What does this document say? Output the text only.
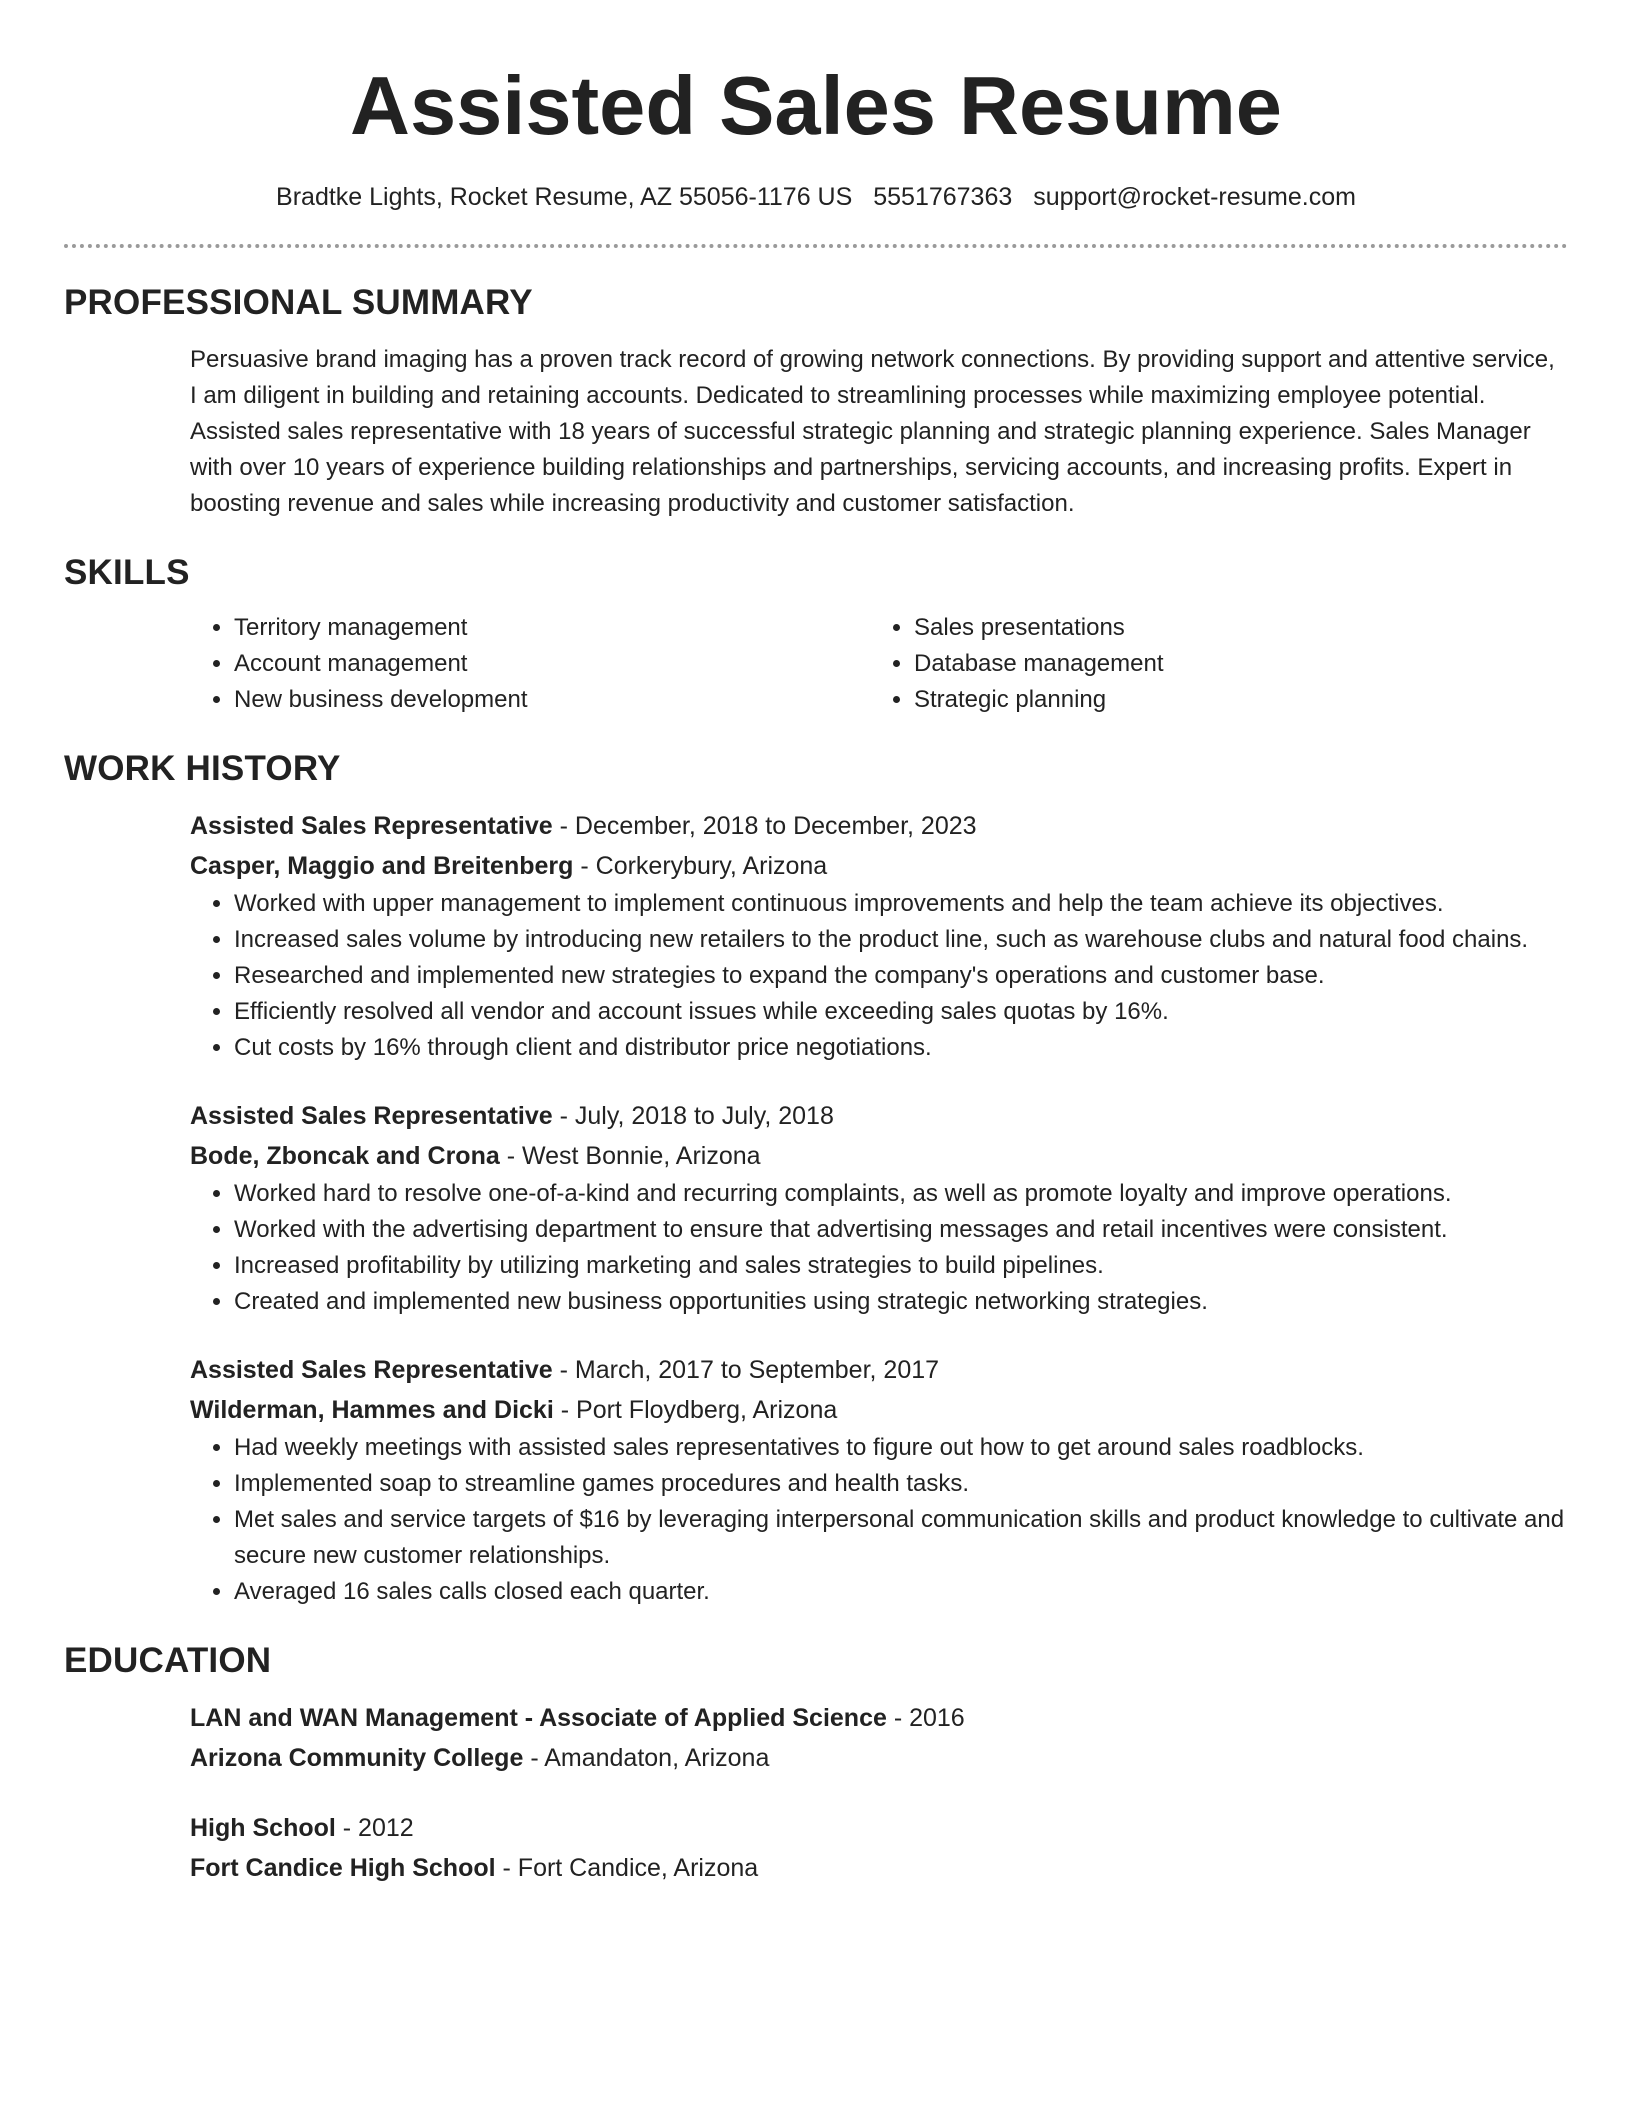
Assisted Sales Resume
Bradtke Lights, Rocket Resume, AZ 55056-1176 US 5551767363 support@rocket-resume.com
PROFESSIONAL SUMMARY

Persuasive brand imaging has a proven track record of growing network connections. By providing support and attentive service, I am diligent in building and retaining accounts. Dedicated to streamlining processes while maximizing employee potential. Assisted sales representative with 18 years of successful strategic planning and strategic planning experience. Sales Manager with over 10 years of experience building relationships and partnerships, servicing accounts, and increasing profits. Expert in boosting revenue and sales while increasing productivity and customer satisfaction.

SKILLS
• Territory management
• Account management
• New business development
• Sales presentations
• Database management
• Strategic planning
WORK HISTORY

Assisted Sales Representative - December, 2018 to December, 2023

Casper, Maggio and Breitenberg - Corkerybury, Arizona

• Worked with upper management to implement continuous improvements and help the team achieve its objectives.
• Increased sales volume by introducing new retailers to the product line, such as warehouse clubs and natural food chains.
• Researched and implemented new strategies to expand the company's operations and customer base.
• Efficiently resolved all vendor and account issues while exceeding sales quotas by 16%.
• Cut costs by 16% through client and distributor price negotiations.

Assisted Sales Representative - July, 2018 to July, 2018

Bode, Zboncak and Crona - West Bonnie, Arizona

• Worked hard to resolve one-of-a-kind and recurring complaints, as well as promote loyalty and improve operations.
• Worked with the advertising department to ensure that advertising messages and retail incentives were consistent.
• Increased profitability by utilizing marketing and sales strategies to build pipelines.
• Created and implemented new business opportunities using strategic networking strategies.

Assisted Sales Representative - March, 2017 to September, 2017

Wilderman, Hammes and Dicki - Port Floydberg, Arizona

• Had weekly meetings with assisted sales representatives to figure out how to get around sales roadblocks.
• Implemented soap to streamline games procedures and health tasks.
• Met sales and service targets of $16 by leveraging interpersonal communication skills and product knowledge to cultivate and secure new customer relationships.
• Averaged 16 sales calls closed each quarter.
EDUCATION

LAN and WAN Management - Associate of Applied Science - 2016

Arizona Community College - Amandaton, Arizona

High School - 2012

Fort Candice High School - Fort Candice, Arizona
